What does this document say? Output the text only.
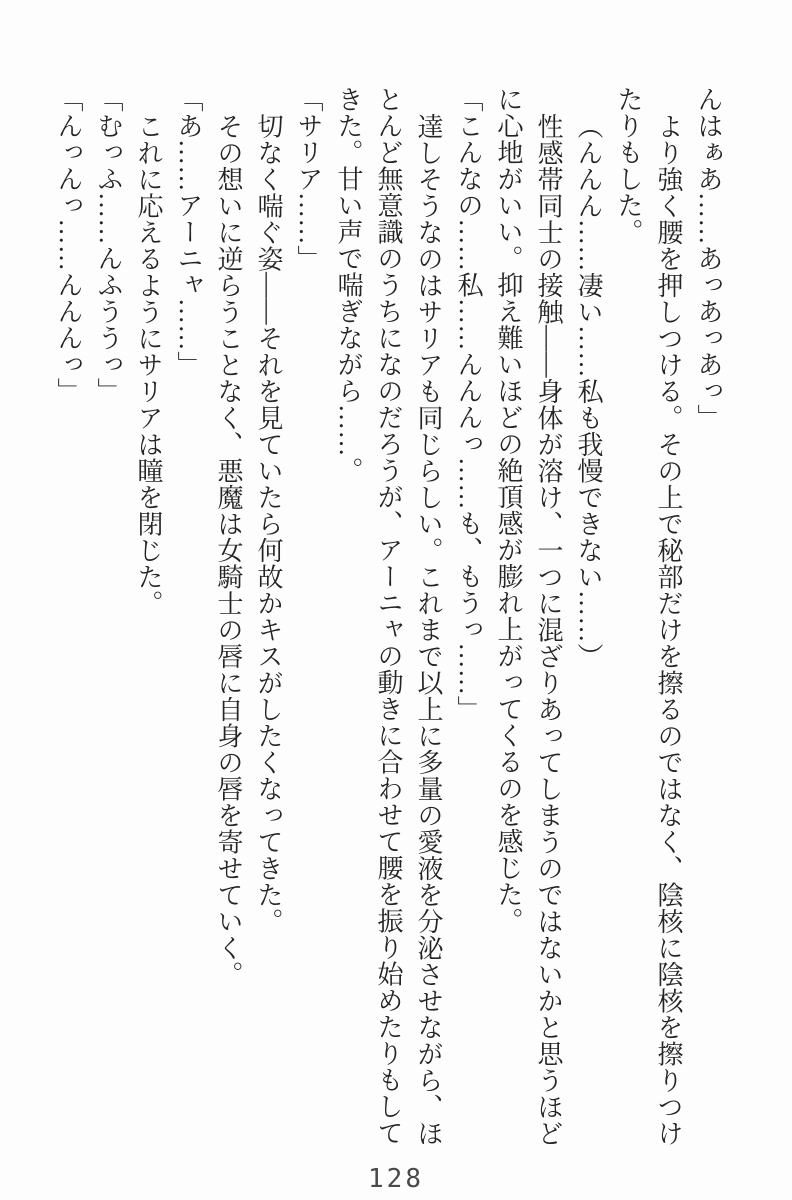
んはぁあ……あっあっあっ」

より強く腰を押しつける。その上で秘部だけを擦るのではなく、陰核に陰核を擦りつけ

たりもした。

（んんん……凄い……私も我慢できない……）

性感帯同士の接触――身体が溶け、一つに混ざりあってしまうのではないかと思うほど

に心地がいい。抑え難いほどの絶頂感が膨れ上がってくるのを感じた。

「こんなの……私……んんんっ……も、もうっ……」

達しそうなのはサリアも同じらしい。これまで以上に多量の愛液を分泌させながら、ほ

とんど無意識のうちになのだろうが、アーニャの動きに合わせて腰を振り始めたりもして

きた。甘い声で喘ぎながら……。

「サリア……」

切なく喘ぐ姿――それを見ていたら何故かキスがしたくなってきた。

その想いに逆らうことなく、悪魔は女騎士の唇に自身の唇を寄せていく。

「あ……アーニャ……」

これに応えるようにサリアは瞳を閉じた。

「むっふ……んふううっ」

「んっんっ……んんんっ」

128
